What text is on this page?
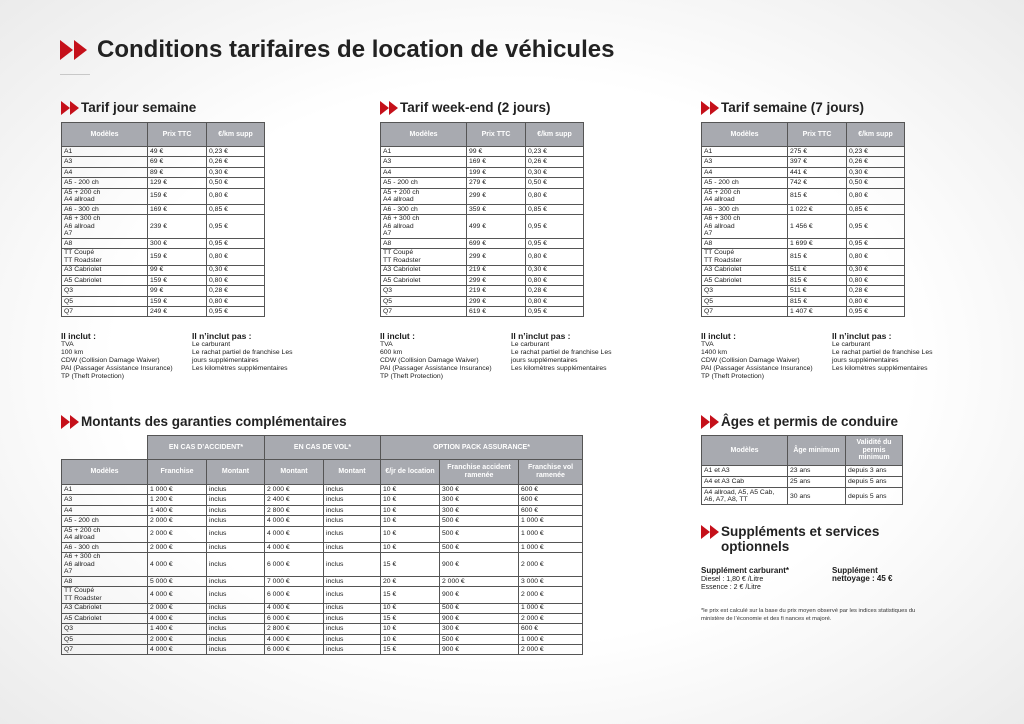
Conditions tarifaires de location de véhicules
Tarif jour semaine
Modèles	Prix TTC	€/km supp

A1	49 €	0,23 €

A3	69 €	0,26 €

A4	89 €	0,30 €

A5 - 200 ch	129 €	0,50 €

A5 + 200 ch
A4 allroad	159 €	0,80 €

A6 - 300 ch	169 €	0,85 €

A6 + 300 ch
A6 allroad
A7	239 €	0,95 €

A8	300 €	0,95 €

TT Coupé
TT Roadster	159 €	0,80 €

A3 Cabriolet	99 €	0,30 €

A5 Cabriolet	159 €	0,80 €

Q3	99 €	0,28 €

Q5	159 €	0,80 €

Q7	249 €	0,95 €
Il inclut :
TVA
100 km
CDW (Collision Damage Waiver)
PAI (Passager Assistance Insurance)
TP (Theft Protection)
Il n’inclut pas :
Le carburant
Le rachat partiel de franchise Les jours supplémentaires
Les kilomètres supplémentaires
Tarif week-end (2 jours)
Modèles	Prix TTC	€/km supp

A1	99 €	0,23 €

A3	169 €	0,26 €

A4	199 €	0,30 €

A5 - 200 ch	279 €	0,50 €

A5 + 200 ch
A4 allroad	299 €	0,80 €

A6 - 300 ch	359 €	0,85 €

A6 + 300 ch
A6 allroad
A7	499 €	0,95 €

A8	699 €	0,95 €

TT Coupé
TT Roadster	299 €	0,80 €

A3 Cabriolet	219 €	0,30 €

A5 Cabriolet	299 €	0,80 €

Q3	219 €	0,28 €

Q5	299 €	0,80 €

Q7	619 €	0,95 €
Il inclut :
TVA
600 km
CDW (Collision Damage Waiver)
PAI (Passager Assistance Insurance)
TP (Theft Protection)
Il n’inclut pas :
Le carburant
Le rachat partiel de franchise Les jours supplémentaires
Les kilomètres supplémentaires
Tarif semaine (7 jours)
Modèles	Prix TTC	€/km supp

A1	275 €	0,23 €

A3	397 €	0,26 €

A4	441 €	0,30 €

A5 - 200 ch	742 €	0,50 €

A5 + 200 ch
A4 allroad	815 €	0,80 €

A6 - 300 ch	1 022 €	0,85 €

A6 + 300 ch
A6 allroad
A7	1 456 €	0,95 €

A8	1 699 €	0,95 €

TT Coupé
TT Roadster	815 €	0,80 €

A3 Cabriolet	511 €	0,30 €

A5 Cabriolet	815 €	0,80 €

Q3	511 €	0,28 €

Q5	815 €	0,80 €

Q7	1 407 €	0,95 €
Il inclut :
TVA
1400 km
CDW (Collision Damage Waiver)
PAI (Passager Assistance Insurance)
TP (Theft Protection)
Il n’inclut pas :
Le carburant
Le rachat partiel de franchise Les jours supplémentaires
Les kilomètres supplémentaires
Montants des garanties complémentaires
	EN CAS D’ACCIDENT*		EN CAS DE VOL*		OPTION PACK ASSURANCE*		
Modèles	Franchise	Montant	Montant	Montant	€/jr de location	Franchise accident ramenée	Franchise vol ramenée

A1	1 000 €	inclus	2 000 €	inclus	10 €	300 €	600 €

A3	1 200 €	inclus	2 400 €	inclus	10 €	300 €	600 €

A4	1 400 €	inclus	2 800 €	inclus	10 €	300 €	600 €

A5 - 200 ch	2 000 €	inclus	4 000 €	inclus	10 €	500 €	1 000 €

A5 + 200 ch
A4 allroad	2 000 €	inclus	4 000 €	inclus	10 €	500 €	1 000 €

A6 - 300 ch	2 000 €	inclus	4 000 €	inclus	10 €	500 €	1 000 €

A6 + 300 ch
A6 allroad
A7	4 000 €	inclus	6 000 €	inclus	15 €	900 €	2 000 €

A8	5 000 €	inclus	7 000 €	inclus	20 €	2 000 €	3 000 €

TT Coupé
TT Roadster	4 000 €	inclus	6 000 €	inclus	15 €	900 €	2 000 €

A3 Cabriolet	2 000 €	inclus	4 000 €	inclus	10 €	500 €	1 000 €

A5 Cabriolet	4 000 €	inclus	6 000 €	inclus	15 €	900 €	2 000 €

Q3	1 400 €	inclus	2 800 €	inclus	10 €	300 €	600 €

Q5	2 000 €	inclus	4 000 €	inclus	10 €	500 €	1 000 €

Q7	4 000 €	inclus	6 000 €	inclus	15 €	900 €	2 000 €
Âges et permis de conduire
Modèles	Âge minimum	Validité du permis minimum

A1 et A3	23 ans	depuis 3 ans

A4 et A3 Cab	25 ans	depuis 5 ans

A4 allroad, A5, A5 Cab,
A6, A7, A8, TT	30 ans	depuis 5 ans
Suppléments et services
optionnels
Supplément carburant*
Diesel : 1,80 € /Litre
Essence : 2 € /Litre
Supplément
nettoyage : 45 €
*le prix est calculé sur la base du prix moyen observé par les indices statistiques du ministère de l’économie et des fi nances et majoré.
